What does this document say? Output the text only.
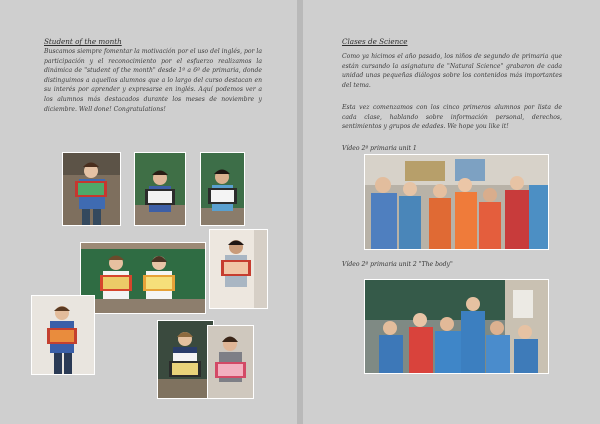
Student of the month

Buscamos siempre fomentar la motivación por el uso del inglés, por la participación y el reconocimiento por el esfuerzo realizamos la dinámica de "student of the month" desde 1º a 6º de primaria, donde distinguimos a aquellos alumnos que a lo largo del curso destacan en su interés por aprender y expresarse en inglés. Aquí podemos ver a los alumnos más destacados durante los meses de noviembre y diciembre. Well done! Congratulations!

Clases de Science

Como ya hicimos el año pasado, los niños de segundo de primaria que están cursando la asignatura de "Natural Science" grabaron de cada unidad unas pequeñas diálogos sobre los contenidos más importantes del tema.

Esta vez comenzamos con los cinco primeros alumnos por lista de cada clase, hablando sobre información personal, derechos, sentimientos y grupos de edades. We hope you like it!

Vídeo 2º primaria unit 1
Vídeo 2º primaria unit 2 "The body"
